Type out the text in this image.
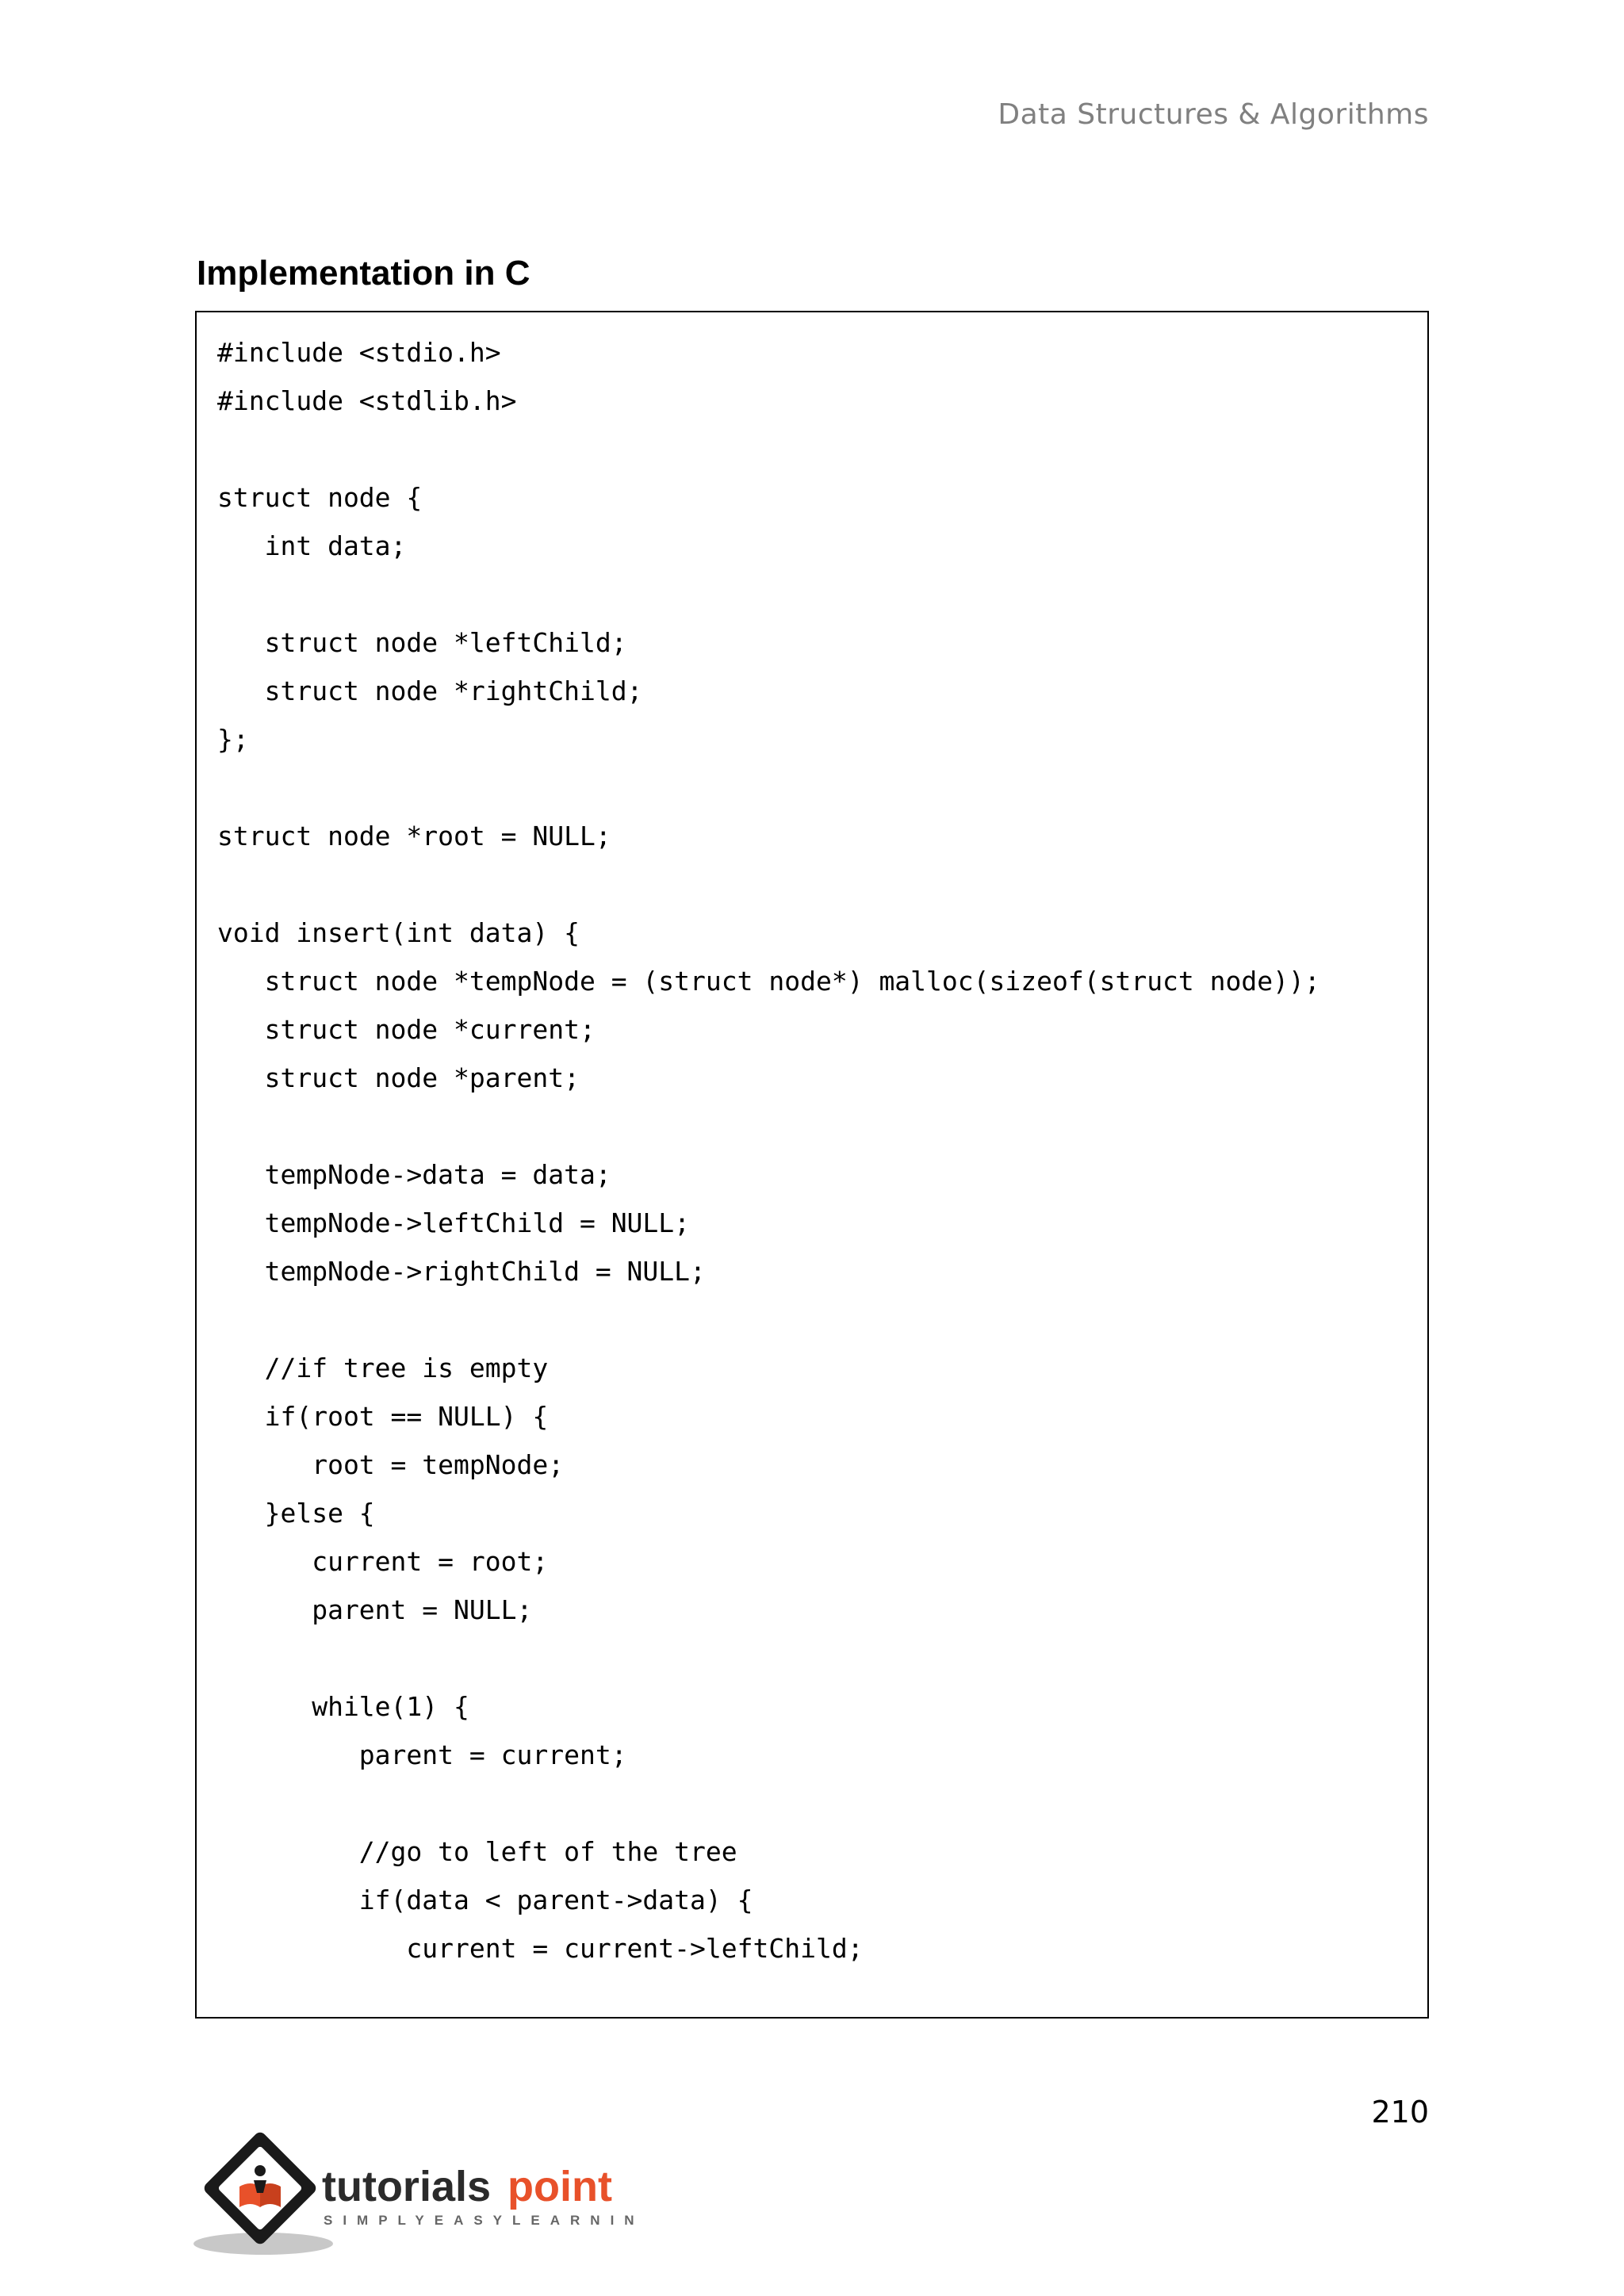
Data Structures & Algorithms
Implementation in C
#include <stdio.h>
#include <stdlib.h>
struct node {
int data;
struct node *leftChild;
struct node *rightChild;
};
struct node *root = NULL;
void insert(int data) {
struct node *tempNode = (struct node*) malloc(sizeof(struct node));
struct node *current;
struct node *parent;
tempNode->data = data;
tempNode->leftChild = NULL;
tempNode->rightChild = NULL;
//if tree is empty
if(root == NULL) {
root = tempNode;
}else {
current = root;
parent = NULL;
while(1) {
parent = current;
//go to left of the tree
if(data < parent->data) {
current = current->leftChild;
210
tutorials point
SIMPLYEASYLEARNING
